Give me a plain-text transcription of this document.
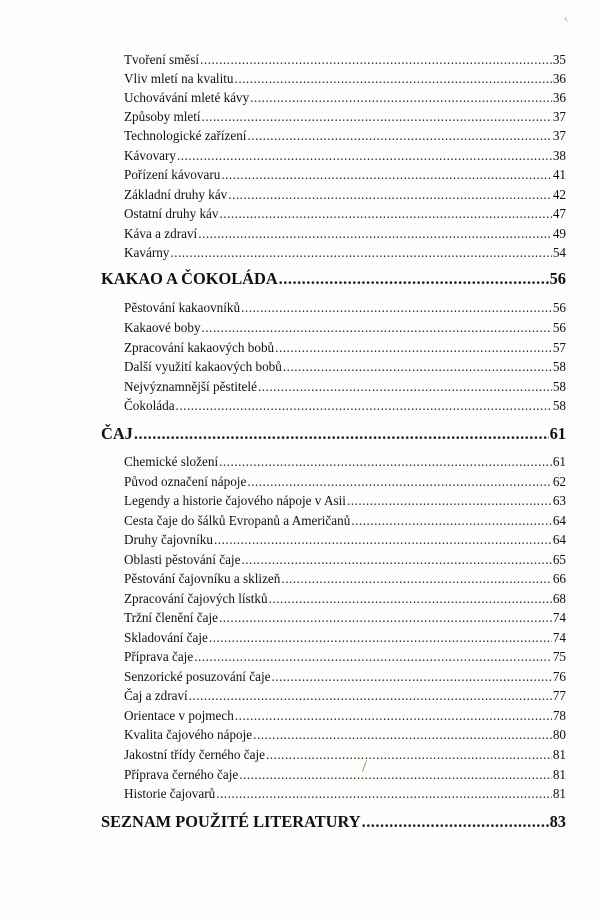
ৎ
Tvoření směsí .....	35
Vliv mletí na kvalitu .....	36
Uchovávání mleté kávy .....	36
Způsoby mletí .....	37
Technologické zařízení .....	37
Kávovary .....	38
Pořízení kávovaru .....	41
Základní druhy káv .....	42
Ostatní druhy káv .....	47
Káva a zdraví .....	49
Kavárny .....	54
KAKAO A ČOKOLÁDA .....	56
Pěstování kakaovníků .....	56
Kakaové boby .....	56
Zpracování kakaových bobů .....	57
Další využití kakaových bobů .....	58
Nejvýznamnější pěstitelé .....	58
Čokoláda .....	58
ČAJ .....	61
Chemické složení .....	61
Původ označení nápoje .....	62
Legendy a historie čajového nápoje v Asii .....	63
Cesta čaje do šálků Evropanů a Američanů .....	64
Druhy čajovníku .....	64
Oblasti pěstování čaje .....	65
Pěstování čajovníku a sklizeň .....	66
Zpracování čajových lístků .....	68
Tržní členění čaje .....	74
Skladování čaje .....	74
Příprava čaje .....	75
Senzorické posuzování čaje .....	76
Čaj a zdraví .....	77
Orientace v pojmech .....	78
Kvalita čajového nápoje .....	80
Jakostní třídy černého čaje .....	81
Příprava černého čaje .....	81
Historie čajovarů .....	81
SEZNAM POUŽITÉ LITERATURY .....	83
